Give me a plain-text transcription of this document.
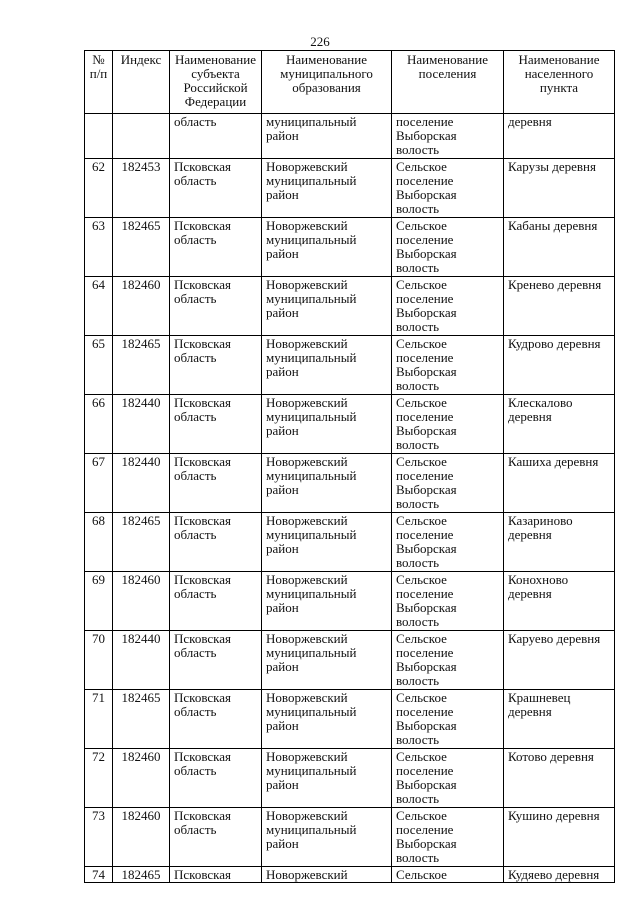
226
№ п/п	Индекс	Наименование субъекта Российской Федерации	Наименование муниципального образования	Наименование поселения	Наименование населенного пункта
		область	муниципальный район	поселение Выборская волость	деревня
62	182453	Псковская область	Новоржевский муниципальный район	Сельское поселение Выборская волость	Карузы деревня
63	182465	Псковская область	Новоржевский муниципальный район	Сельское поселение Выборская волость	Кабаны деревня
64	182460	Псковская область	Новоржевский муниципальный район	Сельское поселение Выборская волость	Кренево деревня
65	182465	Псковская область	Новоржевский муниципальный район	Сельское поселение Выборская волость	Кудрово деревня
66	182440	Псковская область	Новоржевский муниципальный район	Сельское поселение Выборская волость	Клескалово деревня
67	182440	Псковская область	Новоржевский муниципальный район	Сельское поселение Выборская волость	Кашиха деревня
68	182465	Псковская область	Новоржевский муниципальный район	Сельское поселение Выборская волость	Казариново деревня
69	182460	Псковская область	Новоржевский муниципальный район	Сельское поселение Выборская волость	Конохново деревня
70	182440	Псковская область	Новоржевский муниципальный район	Сельское поселение Выборская волость	Каруево деревня
71	182465	Псковская область	Новоржевский муниципальный район	Сельское поселение Выборская волость	Крашневец деревня
72	182460	Псковская область	Новоржевский муниципальный район	Сельское поселение Выборская волость	Котово деревня
73	182460	Псковская область	Новоржевский муниципальный район	Сельское поселение Выборская волость	Кушино деревня
74	182465	Псковская	Новоржевский	Сельское	Кудяево деревня
